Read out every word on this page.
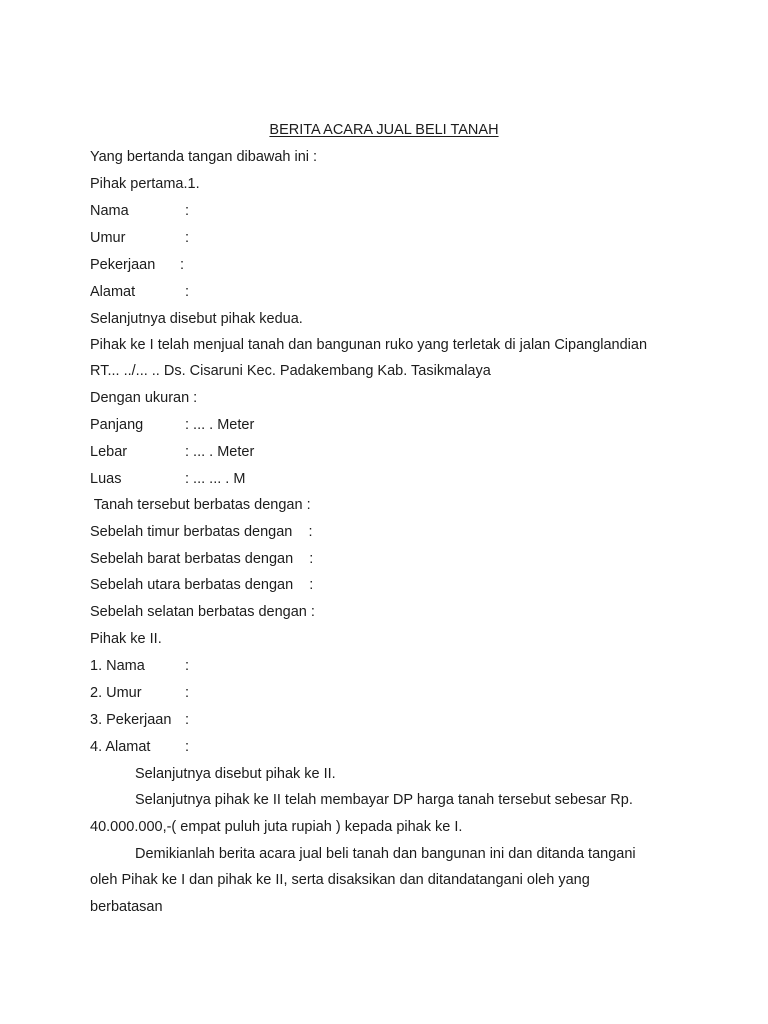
BERITA ACARA JUAL BELI TANAH
Yang bertanda tangan dibawah ini :
Pihak pertama.1.
Nama	:
Umur	:
Pekerjaan :
Alamat	:
Selanjutnya disebut pihak kedua.
Pihak ke I telah menjual tanah dan bangunan ruko yang terletak di jalan Cipanglandian
RT... ../... .. Ds. Cisaruni Kec. Padakembang Kab. Tasikmalaya
Dengan ukuran :
Panjang	: ... . Meter
Lebar	: ... . Meter
Luas	: ... ... . M
Tanah tersebut berbatas dengan :
Sebelah timur berbatas dengan    :
Sebelah barat berbatas dengan    :
Sebelah utara berbatas dengan    :
Sebelah selatan berbatas dengan :
Pihak ke II.
1. Nama	:
2. Umur	:
3. Pekerjaan :
4. Alamat :
Selanjutnya disebut pihak ke II.
Selanjutnya pihak ke II telah membayar DP harga tanah tersebut sebesar Rp.
40.000.000,-( empat puluh juta rupiah ) kepada pihak ke I.
Demikianlah berita acara jual beli tanah dan bangunan ini dan ditanda tangani
oleh Pihak ke I dan pihak ke II, serta disaksikan dan ditandatangani oleh yang
berbatasan
